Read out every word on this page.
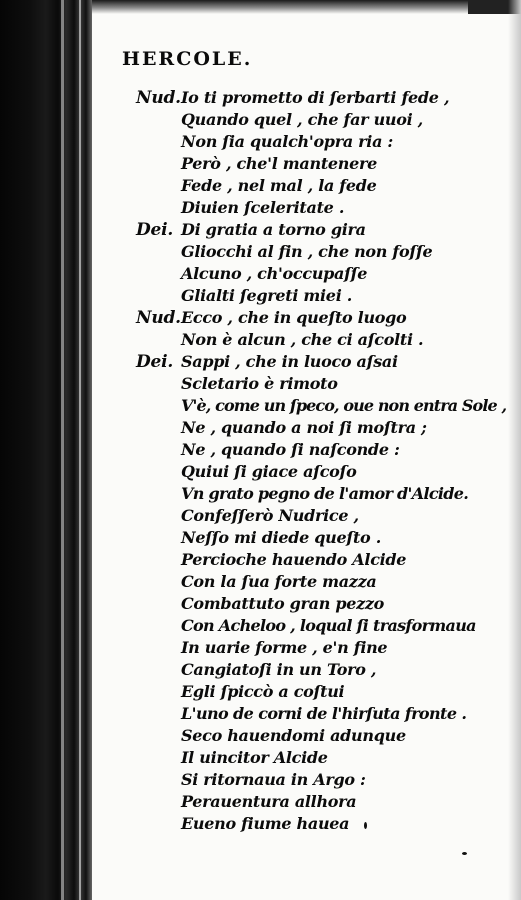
HERCOLE.
Nud. Io ti prometto di ſerbarti fede ,
Quando quel , che far uuoi ,
Non ſia qualch'opra ria :
Però , che'l mantenere
Fede , nel mal , la fede
Diuien ſceleritate .
Dei. Di gratia a torno gira
Gliocchi al fin , che non foſſe
Alcuno , ch'occupaſſe
Glialti ſegreti miei .
Nud. Ecco , che in queſto luogo
Non è alcun , che ci aſcolti .
Dei. Sappi , che in luoco aſsai
Scletario è rimoto
V'è, come un ſpeco, oue non entra Sole ,
Ne , quando a noi ſi moſtra ;
Ne , quando ſi naſconde :
Quiui ſi giace aſcoſo
Vn grato pegno de l'amor d'Alcide.
Confeſſerò Nudrice ,
Neſſo mi diede queſto .
Percioche hauendo Alcide
Con la ſua forte mazza
Combattuto gran pezzo
Con Acheloo , loqual ſi trasformaua
In uarie forme , e'n fine
Cangiatoſi in un Toro ,
Egli ſpiccò a coſtui
L'uno de corni de l'hirſuta fronte .
Seco hauendomi adunque
Il uincitor Alcide
Si ritornaua in Argo :
Perauentura allhora
Eueno fiume hauea
